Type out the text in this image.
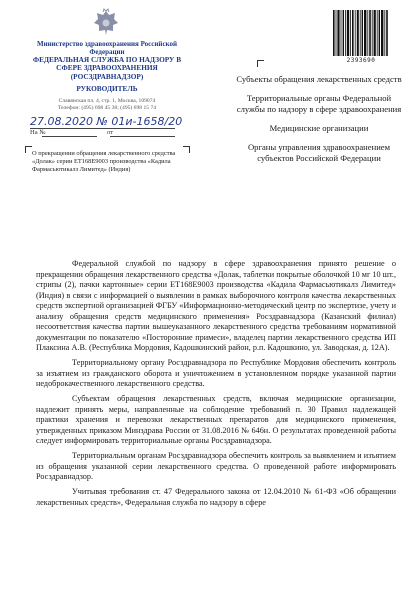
Министерство здравоохранения Российской Федерации
ФЕДЕРАЛЬНАЯ СЛУЖБА ПО НАДЗОРУ В СФЕРЕ ЗДРАВООХРАНЕНИЯ (РОСЗДРАВНАДЗОР)
РУКОВОДИТЕЛЬ
Славянская пл. 4, стр. 1, Москва, 109074
Телефон: (495) 698 45 38; (495) 698 15 74
27.08.2020 № 01и-1658/20
На №	от
О прекращении обращения лекарственного средства «Долак» серии ET168E9003 производства «Кадила Фармасьютикалз Лимитед» (Индия)
2393690

Субъекты обращения лекарственных средств

Территориальные органы Федеральной службы по надзору в сфере здравоохранения

Медицинские организации

Органы управления здравоохранением субъектов Российской Федерации

Федеральной службой по надзору в сфере здравоохранения принято решение о прекращении обращения лекарственного средства «Долак, таблетки покрытые оболочкой 10 мг 10 шт., стрипы (2), пачки картонные» серии ET168E9003 производства «Кадила Фармасьютикалз Лимитед» (Индия) в связи с информацией о выявлении в рамках выборочного контроля качества лекарственных средств экспертной организацией ФГБУ «Информационно-методический центр по экспертизе, учету и анализу обращения средств медицинского применения» Росздравнадзора (Казанский филиал) несоответствия качества партии вышеуказанного лекарственного средства требованиям нормативной документации по показателю «Посторонние примеси», владелец партии лекарственного средства ИП Плаксина А.В. (Республика Мордовия, Кадошкинский район, р.п. Кадошкино, ул. Заводская, д. 12А).

Территориальному органу Росздравнадзора по Республике Мордовия обеспечить контроль за изъятием из гражданского оборота и уничтожением в установленном порядке указанной партии недоброкачественного лекарственного средства.

Субъектам обращения лекарственных средств, включая медицинские организации, надлежит принять меры, направленные на соблюдение требований п. 30 Правил надлежащей практики хранения и перевозки лекарственных препаратов для медицинского применения, утвержденных приказом Минздрава России от 31.08.2016 № 646н. О результатах проведенной работы следует информировать территориальные органы Росздравнадзора.

Территориальным органам Росздравнадзора обеспечить контроль за выявлением и изъятием из обращения указанной серии лекарственного средства. О проведенной работе информировать Росздравнадзор.

Учитывая требования ст. 47 Федерального закона от 12.04.2010 № 61-ФЗ «Об обращении лекарственных средств», Федеральная служба по надзору в сфере
